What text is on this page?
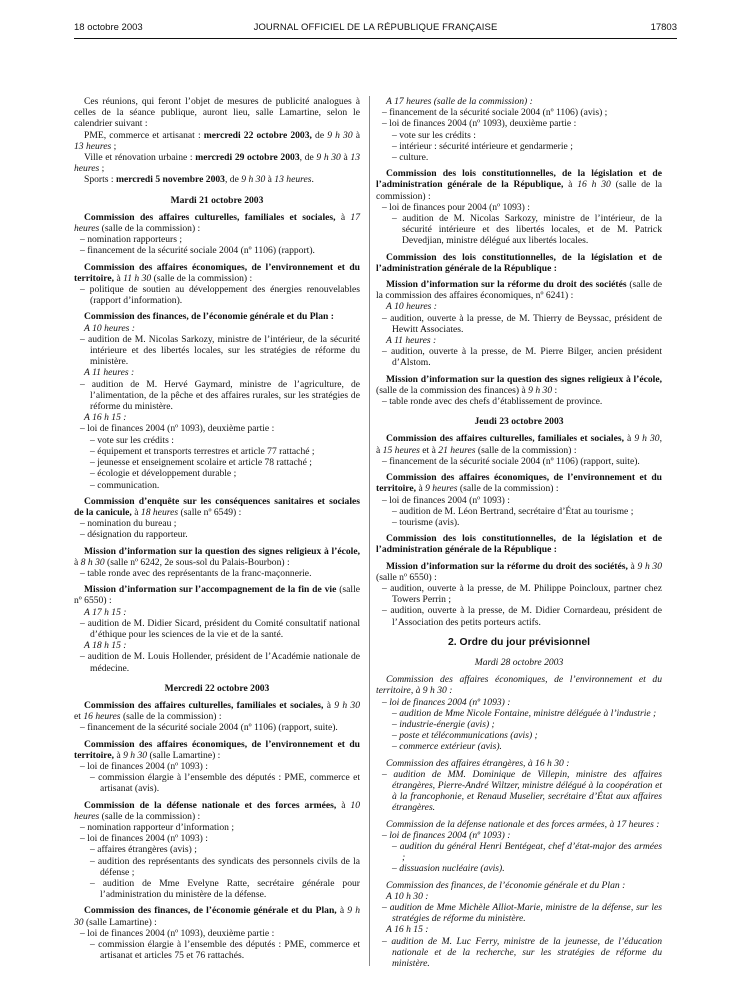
18 octobre 2003	JOURNAL OFFICIEL DE LA RÉPUBLIQUE FRANÇAISE	17803

Ces réunions, qui feront l’objet de mesures de publicité analogues à celles de la séance publique, auront lieu, salle Lamartine, selon le calendrier suivant :

PME, commerce et artisanat : mercredi 22 octobre 2003, de 9 h 30 à 13 heures ;

Ville et rénovation urbaine : mercredi 29 octobre 2003, de 9 h 30 à 13 heures ;

Sports : mercredi 5 novembre 2003, de 9 h 30 à 13 heures.

Mardi 21 octobre 2003

Commission des affaires culturelles, familiales et sociales, à 17 heures (salle de la commission) :

– nomination rapporteurs ;

– financement de la sécurité sociale 2004 (nº 1106) (rapport).

Commission des affaires économiques, de l’environnement et du territoire, à 11 h 30 (salle de la commission) :

– politique de soutien au développement des énergies renouvelables (rapport d’information).

Commission des finances, de l’économie générale et du Plan :

A 10 heures :

– audition de M. Nicolas Sarkozy, ministre de l’intérieur, de la sécurité intérieure et des libertés locales, sur les stratégies de réforme du ministère.

A 11 heures :

– audition de M. Hervé Gaymard, ministre de l’agriculture, de l’alimentation, de la pêche et des affaires rurales, sur les stratégies de réforme du ministère.

A 16 h 15 :

– loi de finances 2004 (nº 1093), deuxième partie :

– vote sur les crédits :

– équipement et transports terrestres et article 77 rattaché ;

– jeunesse et enseignement scolaire et article 78 rattaché ;

– écologie et développement durable ;

– communication.

Commission d’enquête sur les conséquences sanitaires et sociales de la canicule, à 18 heures (salle nº 6549) :

– nomination du bureau ;

– désignation du rapporteur.

Mission d’information sur la question des signes religieux à l’école, à 8 h 30 (salle nº 6242, 2e sous-sol du Palais-Bourbon) :

– table ronde avec des représentants de la franc-maçonnerie.

Mission d’information sur l’accompagnement de la fin de vie (salle nº 6550) :

A 17 h 15 :

– audition de M. Didier Sicard, président du Comité consultatif national d’éthique pour les sciences de la vie et de la santé.

A 18 h 15 :

– audition de M. Louis Hollender, président de l’Académie nationale de médecine.

Mercredi 22 octobre 2003

Commission des affaires culturelles, familiales et sociales, à 9 h 30 et 16 heures (salle de la commission) :

– financement de la sécurité sociale 2004 (nº 1106) (rapport, suite).

Commission des affaires économiques, de l’environnement et du territoire, à 9 h 30 (salle Lamartine) :

– loi de finances 2004 (nº 1093) :

– commission élargie à l’ensemble des députés : PME, commerce et artisanat (avis).

Commission de la défense nationale et des forces armées, à 10 heures (salle de la commission) :

– nomination rapporteur d’information ;

– loi de finances 2004 (nº 1093) :

– affaires étrangères (avis) ;

– audition des représentants des syndicats des personnels civils de la défense ;

– audition de Mme Evelyne Ratte, secrétaire générale pour l’administration du ministère de la défense.

Commission des finances, de l’économie générale et du Plan, à 9 h 30 (salle Lamartine) :

– loi de finances 2004 (nº 1093), deuxième partie :

– commission élargie à l’ensemble des députés : PME, commerce et artisanat et articles 75 et 76 rattachés.

A 17 heures (salle de la commission) :

– financement de la sécurité sociale 2004 (nº 1106) (avis) ;

– loi de finances 2004 (nº 1093), deuxième partie :

– vote sur les crédits :

– intérieur : sécurité intérieure et gendarmerie ;

– culture.

Commission des lois constitutionnelles, de la législation et de l’administration générale de la République, à 16 h 30 (salle de la commission) :

– loi de finances pour 2004 (nº 1093) :

– audition de M. Nicolas Sarkozy, ministre de l’intérieur, de la sécurité intérieure et des libertés locales, et de M. Patrick Devedjian, ministre délégué aux libertés locales.

Commission des lois constitutionnelles, de la législation et de l’administration générale de la République :

Mission d’information sur la réforme du droit des sociétés (salle de la commission des affaires économiques, nº 6241) :

A 10 heures :

– audition, ouverte à la presse, de M. Thierry de Beyssac, président de Hewitt Associates.

A 11 heures :

– audition, ouverte à la presse, de M. Pierre Bilger, ancien président d’Alstom.

Mission d’information sur la question des signes religieux à l’école, (salle de la commission des finances) à 9 h 30 :

– table ronde avec des chefs d’établissement de province.

Jeudi 23 octobre 2003

Commission des affaires culturelles, familiales et sociales, à 9 h 30, à 15 heures et à 21 heures (salle de la commission) :

– financement de la sécurité sociale 2004 (nº 1106) (rapport, suite).

Commission des affaires économiques, de l’environnement et du territoire, à 9 heures (salle de la commission) :

– loi de finances 2004 (nº 1093) :

– audition de M. Léon Bertrand, secrétaire d’État au tourisme ;

– tourisme (avis).

Commission des lois constitutionnelles, de la législation et de l’administration générale de la République :

Mission d’information sur la réforme du droit des sociétés, à 9 h 30 (salle nº 6550) :

– audition, ouverte à la presse, de M. Philippe Poincloux, partner chez Towers Perrin ;

– audition, ouverte à la presse, de M. Didier Cornardeau, président de l’Association des petits porteurs actifs.

2. Ordre du jour prévisionnel

Mardi 28 octobre 2003

Commission des affaires économiques, de l’environnement et du territoire, à 9 h 30 :

– loi de finances 2004 (nº 1093) :

– audition de Mme Nicole Fontaine, ministre déléguée à l’industrie ;

– industrie-énergie (avis) ;

– poste et télécommunications (avis) ;

– commerce extérieur (avis).

Commission des affaires étrangères, à 16 h 30 :

– audition de MM. Dominique de Villepin, ministre des affaires étrangères, Pierre-André Wiltzer, ministre délégué à la coopération et à la francophonie, et Renaud Muselier, secrétaire d’État aux affaires étrangères.

Commission de la défense nationale et des forces armées, à 17 heures :

– loi de finances 2004 (nº 1093) :

– audition du général Henri Bentégeat, chef d’état-major des armées ;

– dissuasion nucléaire (avis).

Commission des finances, de l’économie générale et du Plan :

A 10 h 30 :

– audition de Mme Michèle Alliot-Marie, ministre de la défense, sur les stratégies de réforme du ministère.

A 16 h 15 :

– audition de M. Luc Ferry, ministre de la jeunesse, de l’éducation nationale et de la recherche, sur les stratégies de réforme du ministère.
